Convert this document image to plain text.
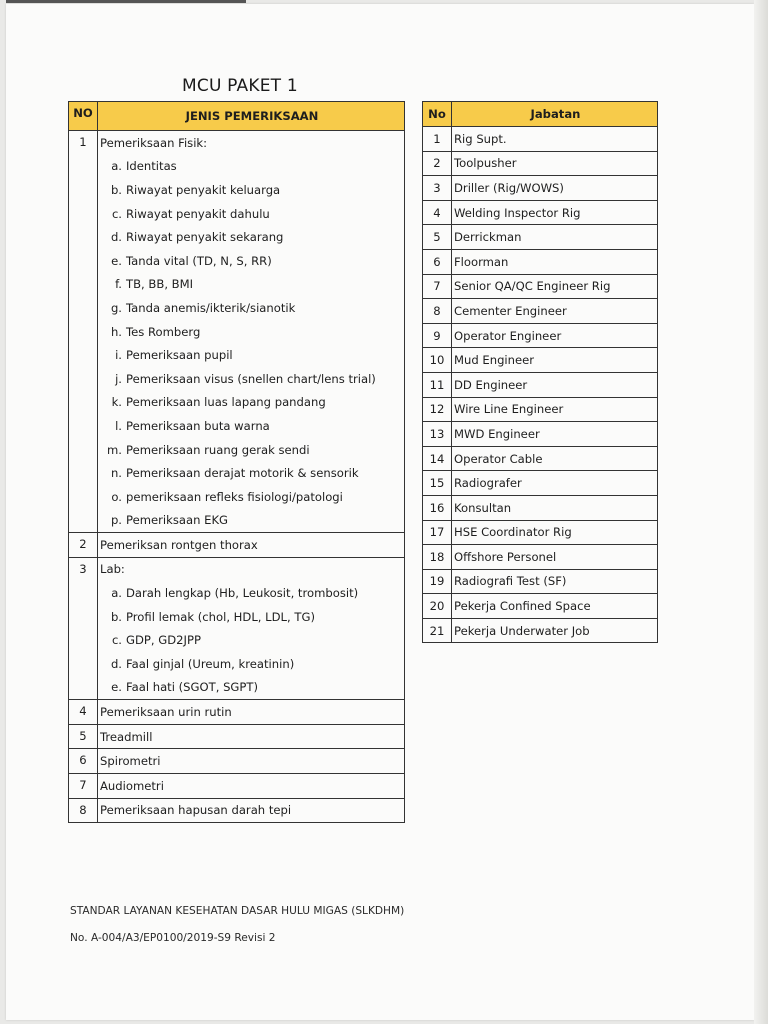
MCU PAKET 1
NO	JENIS PEMERIKSAAN
1	Pemeriksaan Fisik:
	a. Identitas
	b. Riwayat penyakit keluarga
	c. Riwayat penyakit dahulu
	d. Riwayat penyakit sekarang
	e. Tanda vital (TD, N, S, RR)
	f. TB, BB, BMI
	g. Tanda anemis/ikterik/sianotik
	h. Tes Romberg
	i. Pemeriksaan pupil
	j. Pemeriksaan visus (snellen chart/lens trial)
	k. Pemeriksaan luas lapang pandang
	l. Pemeriksaan buta warna
	m. Pemeriksaan ruang gerak sendi
	n. Pemeriksaan derajat motorik & sensorik
	o. pemeriksaan refleks fisiologi/patologi
	p. Pemeriksaan EKG
2	Pemeriksan rontgen thorax
3	Lab:
	a. Darah lengkap (Hb, Leukosit, trombosit)
	b. Profil lemak (chol, HDL, LDL, TG)
	c. GDP, GD2JPP
	d. Faal ginjal (Ureum, kreatinin)
	e. Faal hati (SGOT, SGPT)
4	Pemeriksaan urin rutin
5	Treadmill
6	Spirometri
7	Audiometri
8	Pemeriksaan hapusan darah tepi
No	Jabatan
1	Rig Supt.
2	Toolpusher
3	Driller (Rig/WOWS)
4	Welding Inspector Rig
5	Derrickman
6	Floorman
7	Senior QA/QC Engineer Rig
8	Cementer Engineer
9	Operator Engineer
10	Mud Engineer
11	DD Engineer
12	Wire Line Engineer
13	MWD Engineer
14	Operator Cable
15	Radiografer
16	Konsultan
17	HSE Coordinator Rig
18	Offshore Personel
19	Radiografi Test (SF)
20	Pekerja Confined Space
21	Pekerja Underwater Job
STANDAR LAYANAN KESEHATAN DASAR HULU MIGAS (SLKDHM)
No. A-004/A3/EP0100/2019-S9 Revisi 2
